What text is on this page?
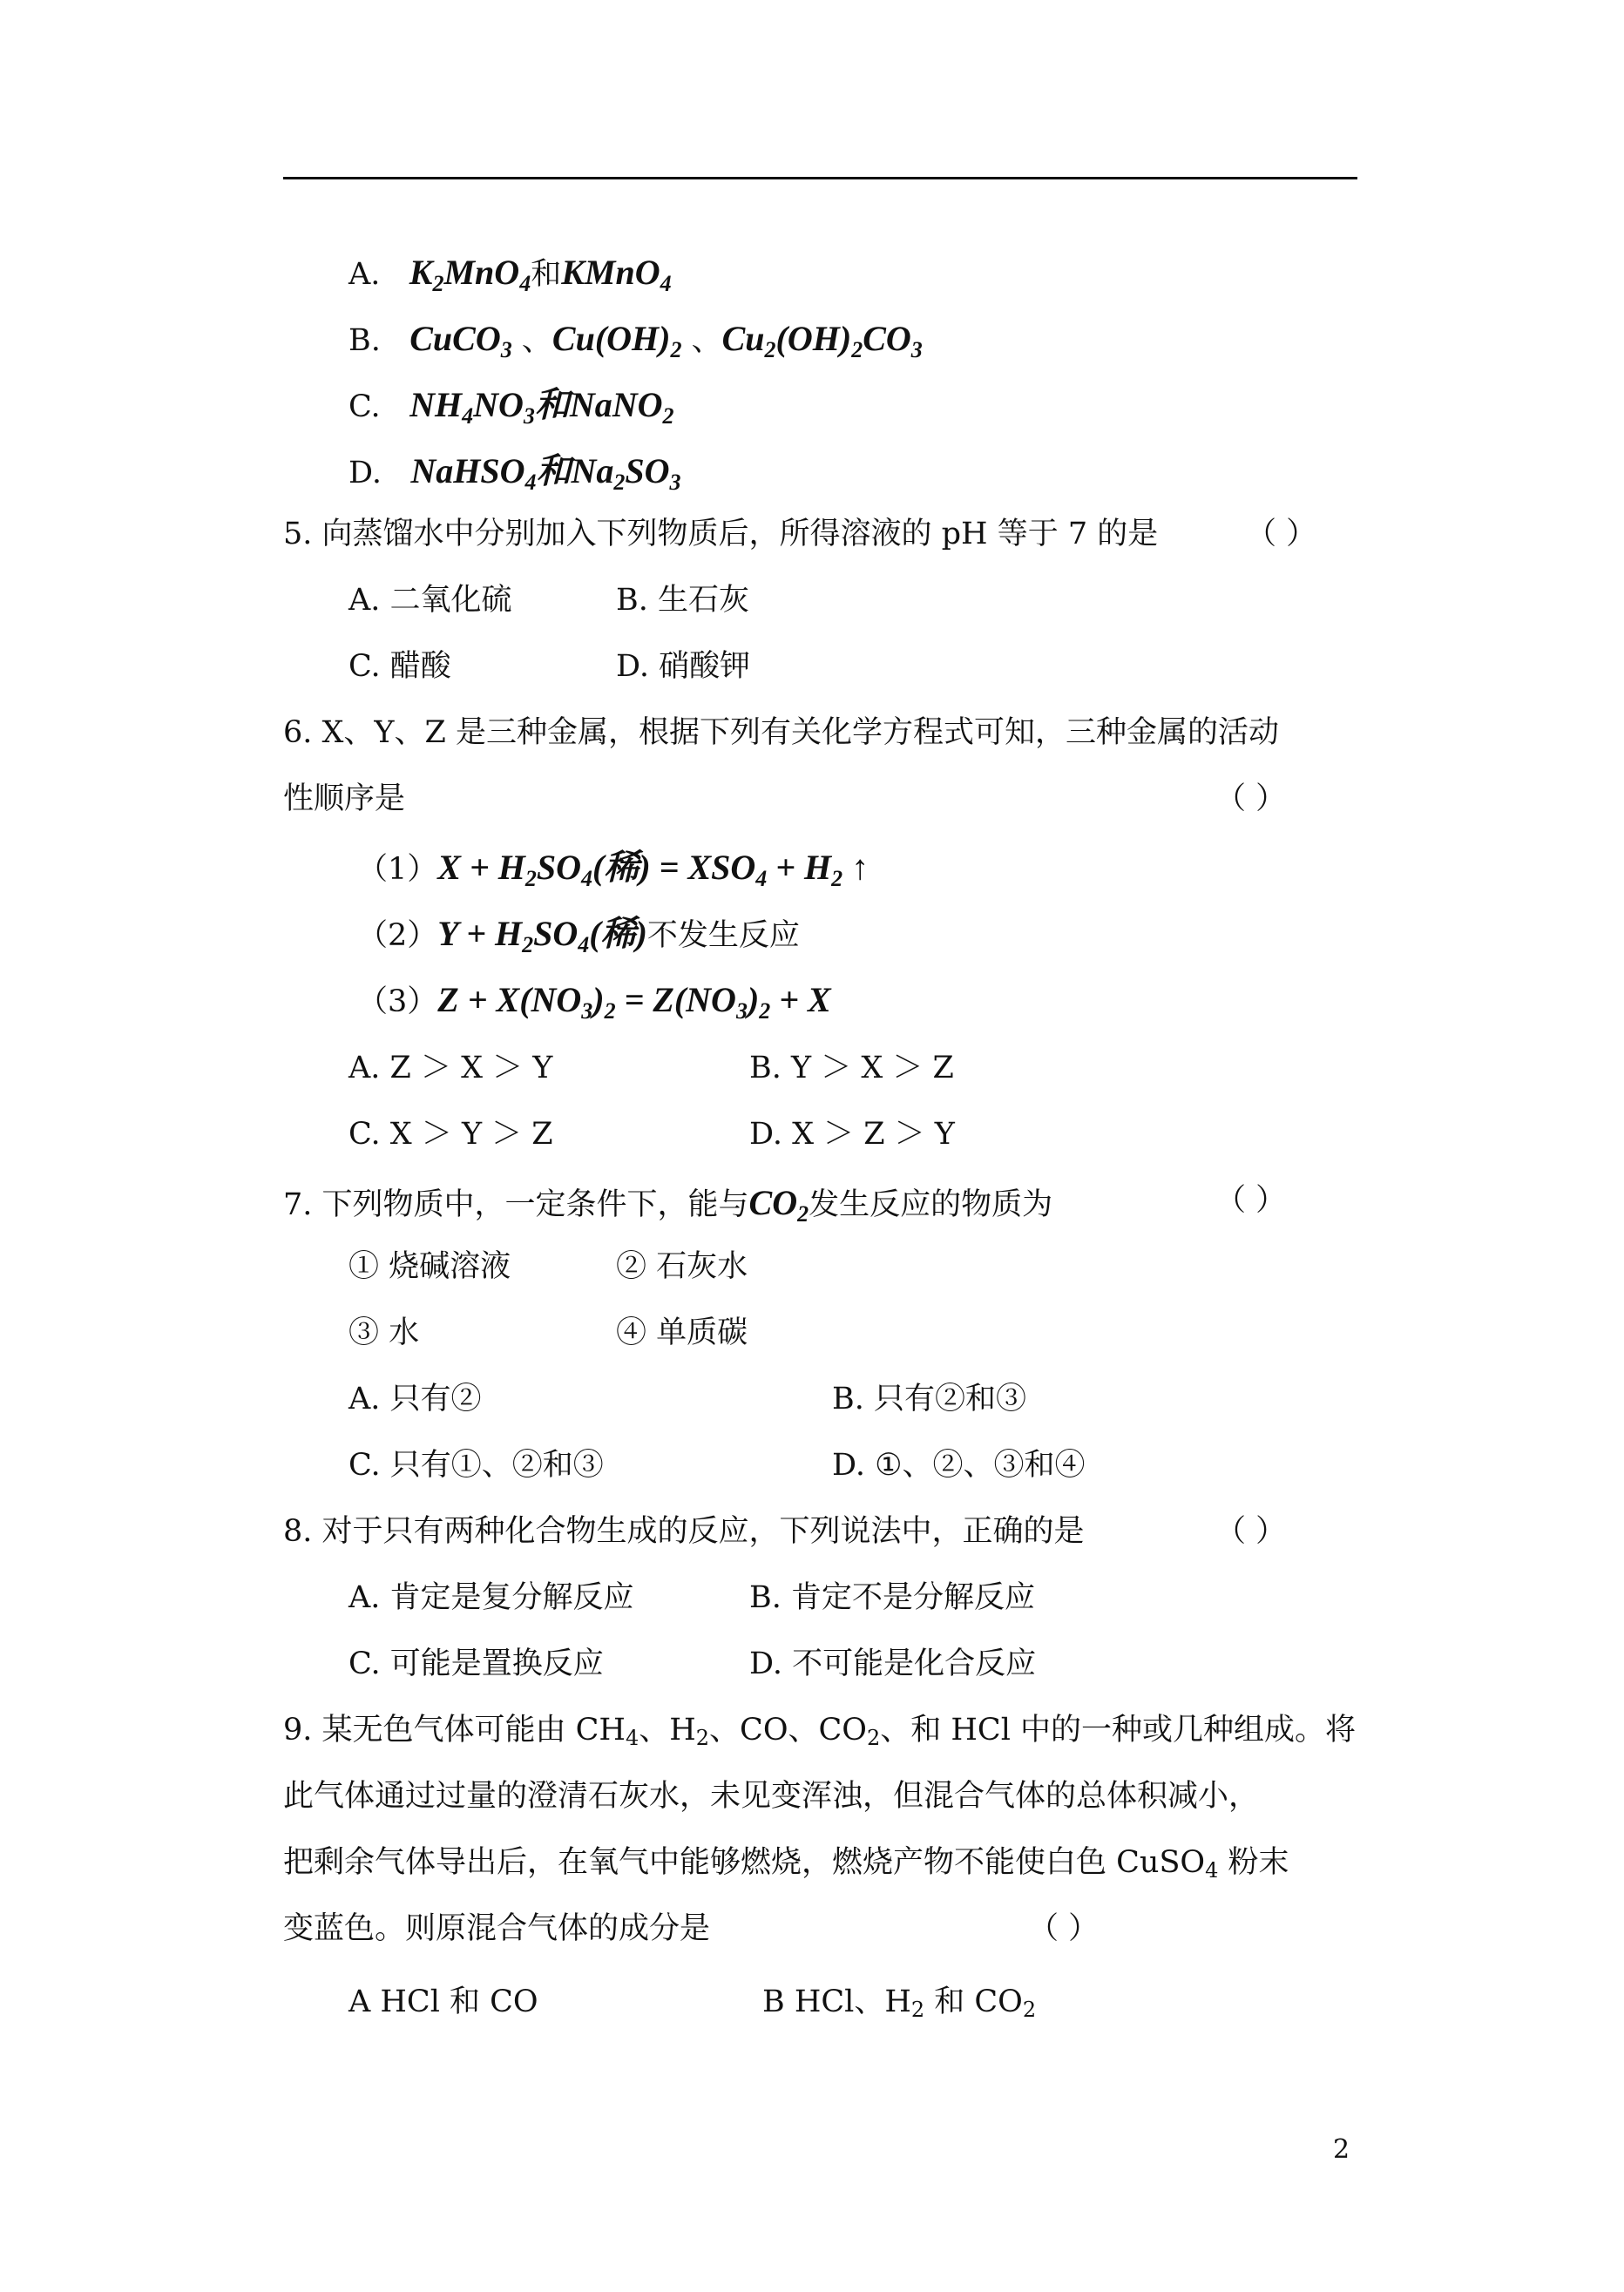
A. $K_2MnO_4$和KMnO$_4$
B. CuCO$_3$ 、$Cu(OH)_2$ 、$Cu_2(OH)_2CO_3$
C. $NH_4NO_3$和NaNO$_2$
D. NaHSO$_4$和$Na_2SO_3$
5. 向蒸馏水中分别加入下列物质后，所得溶液的 pH 等于 7 的是	（ ）
A. 二氧化硫	B. 生石灰
C. 醋酸	D. 硝酸钾
6. X、Y、Z 是三种金属，根据下列有关化学方程式可知，三种金属的活动
性顺序是	（ ）
$(1)X + H_2SO_4$(稀) = $XSO_4 + H_2$ ↑
$(2)Y + H_2SO_4$(稀)不发生反应
$(3)Z + X(NO_3)_2 = Z(NO_3)_2 + X$
A. Z ＞ X ＞ Y	B. Y ＞ X ＞ Z
C. X ＞ Y ＞ Z	D. X ＞ Z ＞ Y
7. 下列物质中，一定条件下，能与$CO_2$发生反应的物质为	（ ）
① 烧碱溶液	② 石灰水
③ 水	④ 单质碳
A. 只有②	B. 只有②和③
C. 只有①、②和③	D. ①、②、③和④
8. 对于只有两种化合物生成的反应，下列说法中，正确的是	（ ）
A. 肯定是复分解反应	B. 肯定不是分解反应
C. 可能是置换反应	D. 不可能是化合反应
9. 某无色气体可能由 $CH_4$、$H_2$、CO、$CO_2$、和 HCl 中的一种或几种组成。将
此气体通过过量的澄清石灰水，未见变浑浊，但混合气体的总体积减小，
把剩余气体导出后，在氧气中能够燃烧，燃烧产物不能使白色 CuSO$_4$ 粉末
变蓝色。则原混合气体的成分是	（ ）
A HCl 和 CO	B HCl、$H_2$ 和 $CO_2$
2
